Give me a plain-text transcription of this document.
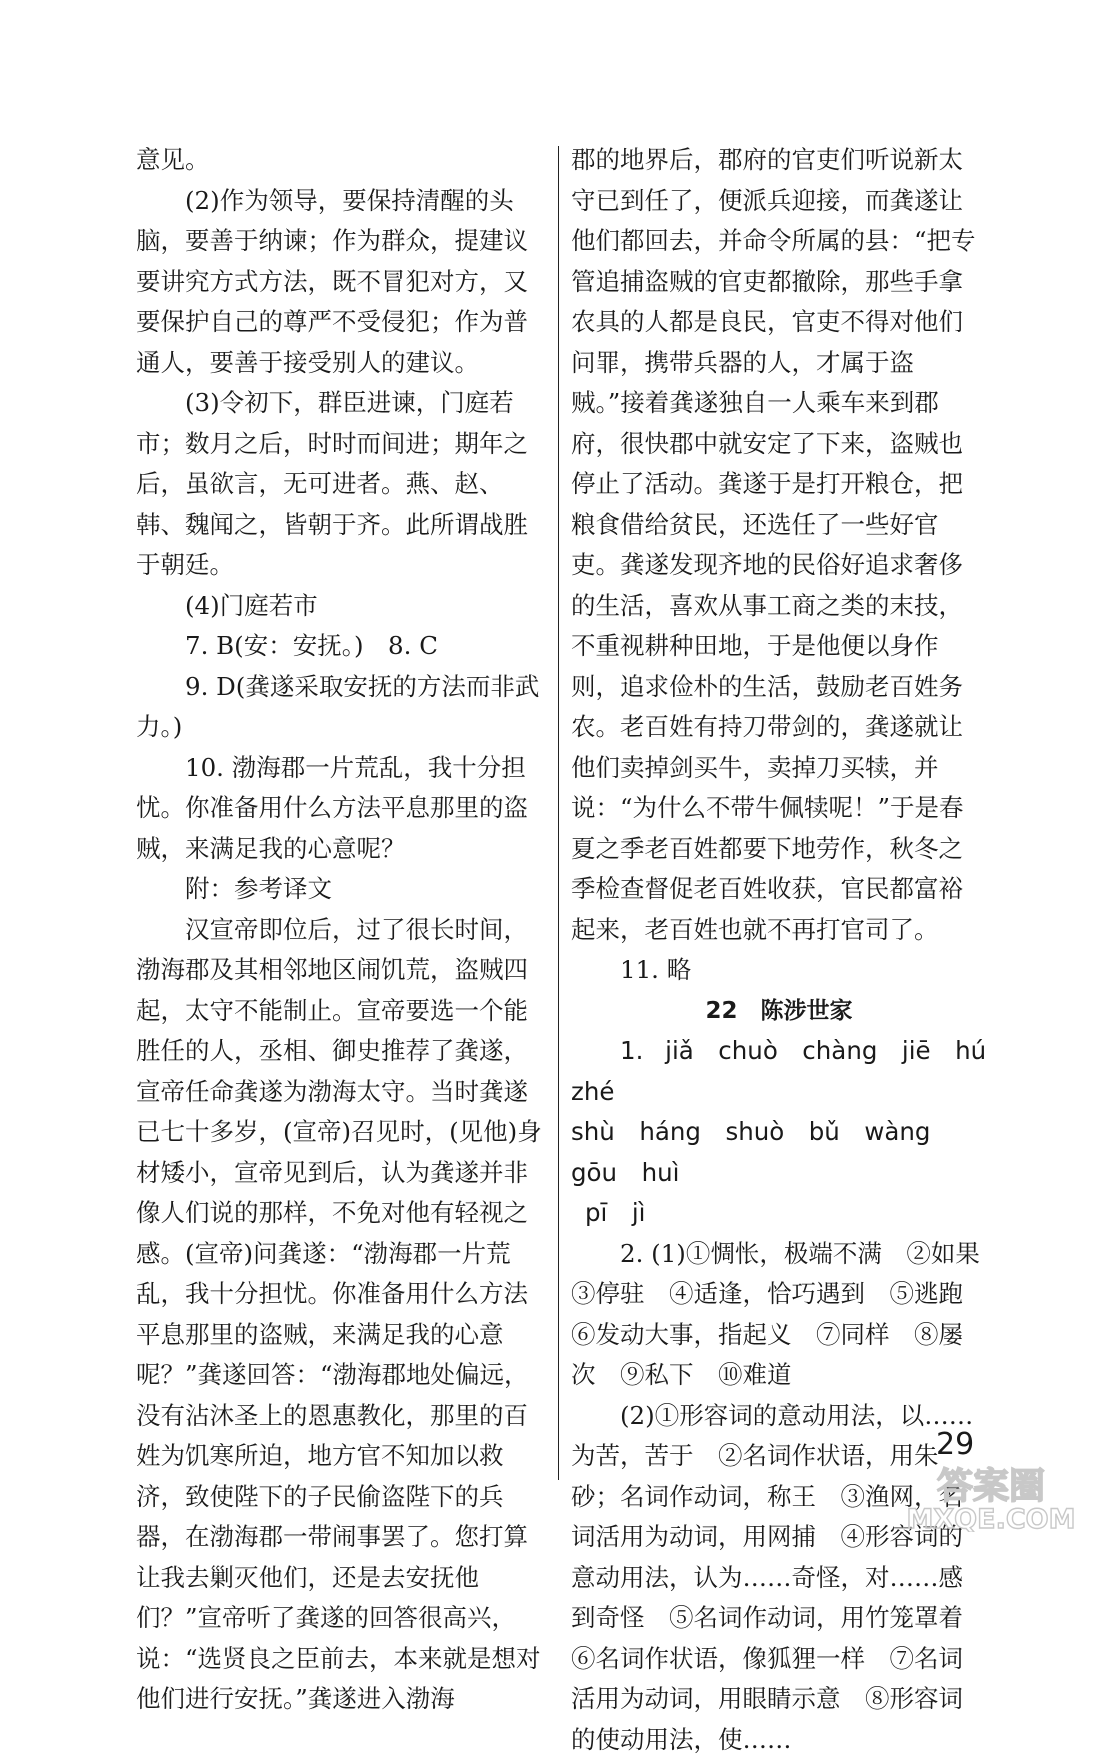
意见。

(2)作为领导，要保持清醒的头脑，要善于纳谏；作为群众，提建议要讲究方式方法，既不冒犯对方，又要保护自己的尊严不受侵犯；作为普通人，要善于接受别人的建议。

(3)令初下，群臣进谏，门庭若市；数月之后，时时而间进；期年之后，虽欲言，无可进者。燕、赵、韩、魏闻之，皆朝于齐。此所谓战胜于朝廷。

(4)门庭若市

7. B(安：安抚。)　8. C

9. D(龚遂采取安抚的方法而非武力。)

10. 渤海郡一片荒乱，我十分担忧。你准备用什么方法平息那里的盗贼，来满足我的心意呢？

附：参考译文

汉宣帝即位后，过了很长时间，渤海郡及其相邻地区闹饥荒，盗贼四起，太守不能制止。宣帝要选一个能胜任的人，丞相、御史推荐了龚遂，宣帝任命龚遂为渤海太守。当时龚遂已七十多岁，(宣帝)召见时，(见他)身材矮小，宣帝见到后，认为龚遂并非像人们说的那样，不免对他有轻视之感。(宣帝)问龚遂：“渤海郡一片荒乱，我十分担忧。你准备用什么方法平息那里的盗贼，来满足我的心意呢？”龚遂回答：“渤海郡地处偏远，没有沾沐圣上的恩惠教化，那里的百姓为饥寒所迫，地方官不知加以救济，致使陛下的子民偷盗陛下的兵器，在渤海郡一带闹事罢了。您打算让我去剿灭他们，还是去安抚他们？”宣帝听了龚遂的回答很高兴，说：“选贤良之臣前去，本来就是想对他们进行安抚。”龚遂进入渤海

郡的地界后，郡府的官吏们听说新太守已到任了，便派兵迎接，而龚遂让他们都回去，并命令所属的县：“把专管追捕盗贼的官吏都撤除，那些手拿农具的人都是良民，官吏不得对他们问罪，携带兵器的人，才属于盗贼。”接着龚遂独自一人乘车来到郡府，很快郡中就安定了下来，盗贼也停止了活动。龚遂于是打开粮仓，把粮食借给贫民，还选任了一些好官吏。龚遂发现齐地的民俗好追求奢侈的生活，喜欢从事工商之类的末技，不重视耕种田地，于是他便以身作则，追求俭朴的生活，鼓励老百姓务农。老百姓有持刀带剑的，龚遂就让他们卖掉剑买牛，卖掉刀买犊，并说：“为什么不带牛佩犊呢！”于是春夏之季老百姓都要下地劳作，秋冬之季检查督促老百姓收获，官民都富裕起来，老百姓也就不再打官司了。

11. 略

22　陈涉世家

1. jiǎ　chuò　chàng　jiē　hú　zhé

shù　háng　shuò　bǔ　wàng　gōu　huì

pī　jì

2. (1)①惆怅，极端不满　②如果　③停驻　④适逢，恰巧遇到　⑤逃跑　⑥发动大事，指起义　⑦同样　⑧屡次　⑨私下　⑩难道

(2)①形容词的意动用法，以……为苦，苦于　②名词作状语，用朱砂；名词作动词，称王　③渔网，名词活用为动词，用网捕　④形容词的意动用法，认为……奇怪，对……感到奇怪　⑤名词作动词，用竹笼罩着　⑥名词作状语，像狐狸一样　⑦名词活用为动词，用眼睛示意　⑧形容词的使动用法，使……

29
答案圈
MXQE.COM
